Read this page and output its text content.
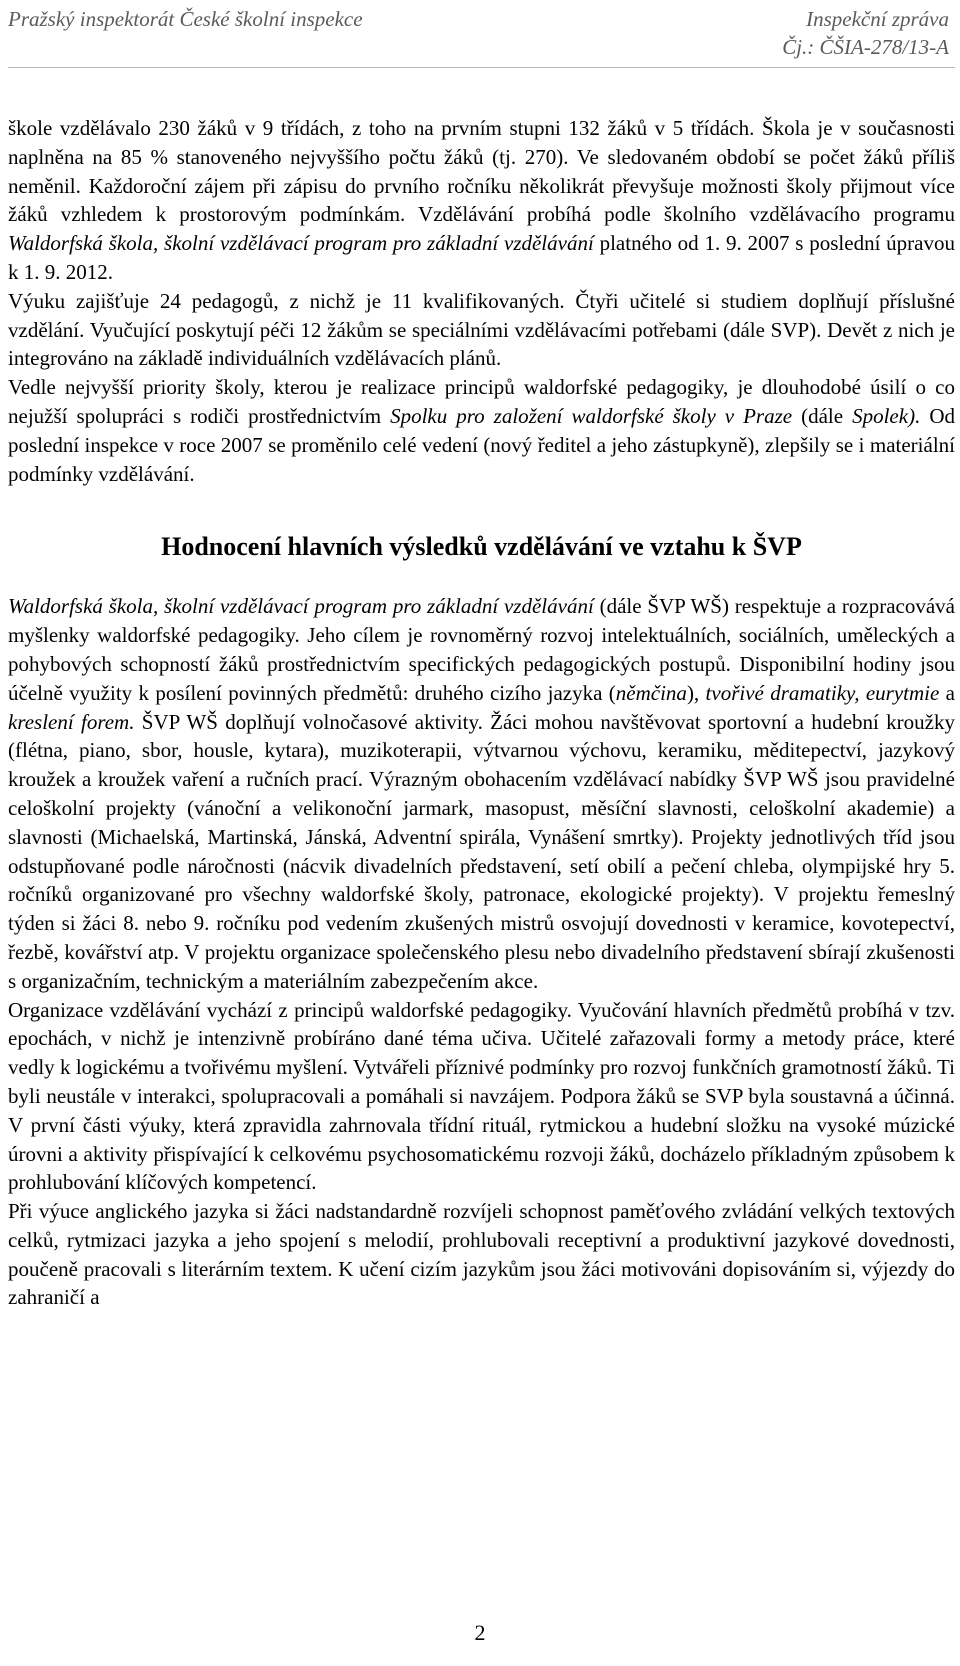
Pražský inspektorát České školní inspekce	Inspekční zpráva
Čj.: ČŠIA-278/13-A

škole vzdělávalo 230 žáků v 9 třídách, z toho na prvním stupni 132 žáků v 5 třídách. Škola je v současnosti naplněna na 85 % stanoveného nejvyššího počtu žáků (tj. 270). Ve sledovaném období se počet žáků příliš neměnil. Každoroční zájem při zápisu do prvního ročníku několikrát převyšuje možnosti školy přijmout více žáků vzhledem k prostorovým podmínkám. Vzdělávání probíhá podle školního vzdělávacího programu Waldorfská škola, školní vzdělávací program pro základní vzdělávání platného od 1. 9. 2007 s poslední úpravou k 1. 9. 2012.

Výuku zajišťuje 24 pedagogů, z nichž je 11 kvalifikovaných. Čtyři učitelé si studiem doplňují příslušné vzdělání. Vyučující poskytují péči 12 žákům se speciálními vzdělávacími potřebami (dále SVP). Devět z nich je integrováno na základě individuálních vzdělávacích plánů.

Vedle nejvyšší priority školy, kterou je realizace principů waldorfské pedagogiky, je dlouhodobé úsilí o co nejužší spolupráci s rodiči prostřednictvím Spolku pro založení waldorfské školy v Praze (dále Spolek). Od poslední inspekce v roce 2007 se proměnilo celé vedení (nový ředitel a jeho zástupkyně), zlepšily se i materiální podmínky vzdělávání.

Hodnocení hlavních výsledků vzdělávání ve vztahu k ŠVP

Waldorfská škola, školní vzdělávací program pro základní vzdělávání (dále ŠVP WŠ) respektuje a rozpracovává myšlenky waldorfské pedagogiky. Jeho cílem je rovnoměrný rozvoj intelektuálních, sociálních, uměleckých a pohybových schopností žáků prostřednictvím specifických pedagogických postupů. Disponibilní hodiny jsou účelně využity k posílení povinných předmětů: druhého cizího jazyka (němčina), tvořivé dramatiky, eurytmie a kreslení forem. ŠVP WŠ doplňují volnočasové aktivity. Žáci mohou navštěvovat sportovní a hudební kroužky (flétna, piano, sbor, housle, kytara), muzikoterapii, výtvarnou výchovu, keramiku, měditepectví, jazykový kroužek a kroužek vaření a ručních prací. Výrazným obohacením vzdělávací nabídky ŠVP WŠ jsou pravidelné celoškolní projekty (vánoční a velikonoční jarmark, masopust, měsíční slavnosti, celoškolní akademie) a slavnosti (Michaelská, Martinská, Jánská, Adventní spirála, Vynášení smrtky). Projekty jednotlivých tříd jsou odstupňované podle náročnosti (nácvik divadelních představení, setí obilí a pečení chleba, olympijské hry 5. ročníků organizované pro všechny waldorfské školy, patronace, ekologické projekty). V projektu řemeslný týden si žáci 8. nebo 9. ročníku pod vedením zkušených mistrů osvojují dovednosti v keramice, kovotepectví, řezbě, kovářství atp. V projektu organizace společenského plesu nebo divadelního představení sbírají zkušenosti s organizačním, technickým a materiálním zabezpečením akce.

Organizace vzdělávání vychází z principů waldorfské pedagogiky. Vyučování hlavních předmětů probíhá v tzv. epochách, v nichž je intenzivně probíráno dané téma učiva. Učitelé zařazovali formy a metody práce, které vedly k logickému a tvořivému myšlení. Vytvářeli příznivé podmínky pro rozvoj funkčních gramotností žáků. Ti byli neustále v interakci, spolupracovali a pomáhali si navzájem. Podpora žáků se SVP byla soustavná a účinná. V první části výuky, která zpravidla zahrnovala třídní rituál, rytmickou a hudební složku na vysoké múzické úrovni a aktivity přispívající k celkovému psychosomatickému rozvoji žáků, docházelo příkladným způsobem k prohlubování klíčových kompetencí.

Při výuce anglického jazyka si žáci nadstandardně rozvíjeli schopnost paměťového zvládání velkých textových celků, rytmizaci jazyka a jeho spojení s melodií, prohlubovali receptivní a produktivní jazykové dovednosti, poučeně pracovali s literárním textem. K učení cizím jazykům jsou žáci motivováni dopisováním si, výjezdy do zahraničí a

2
